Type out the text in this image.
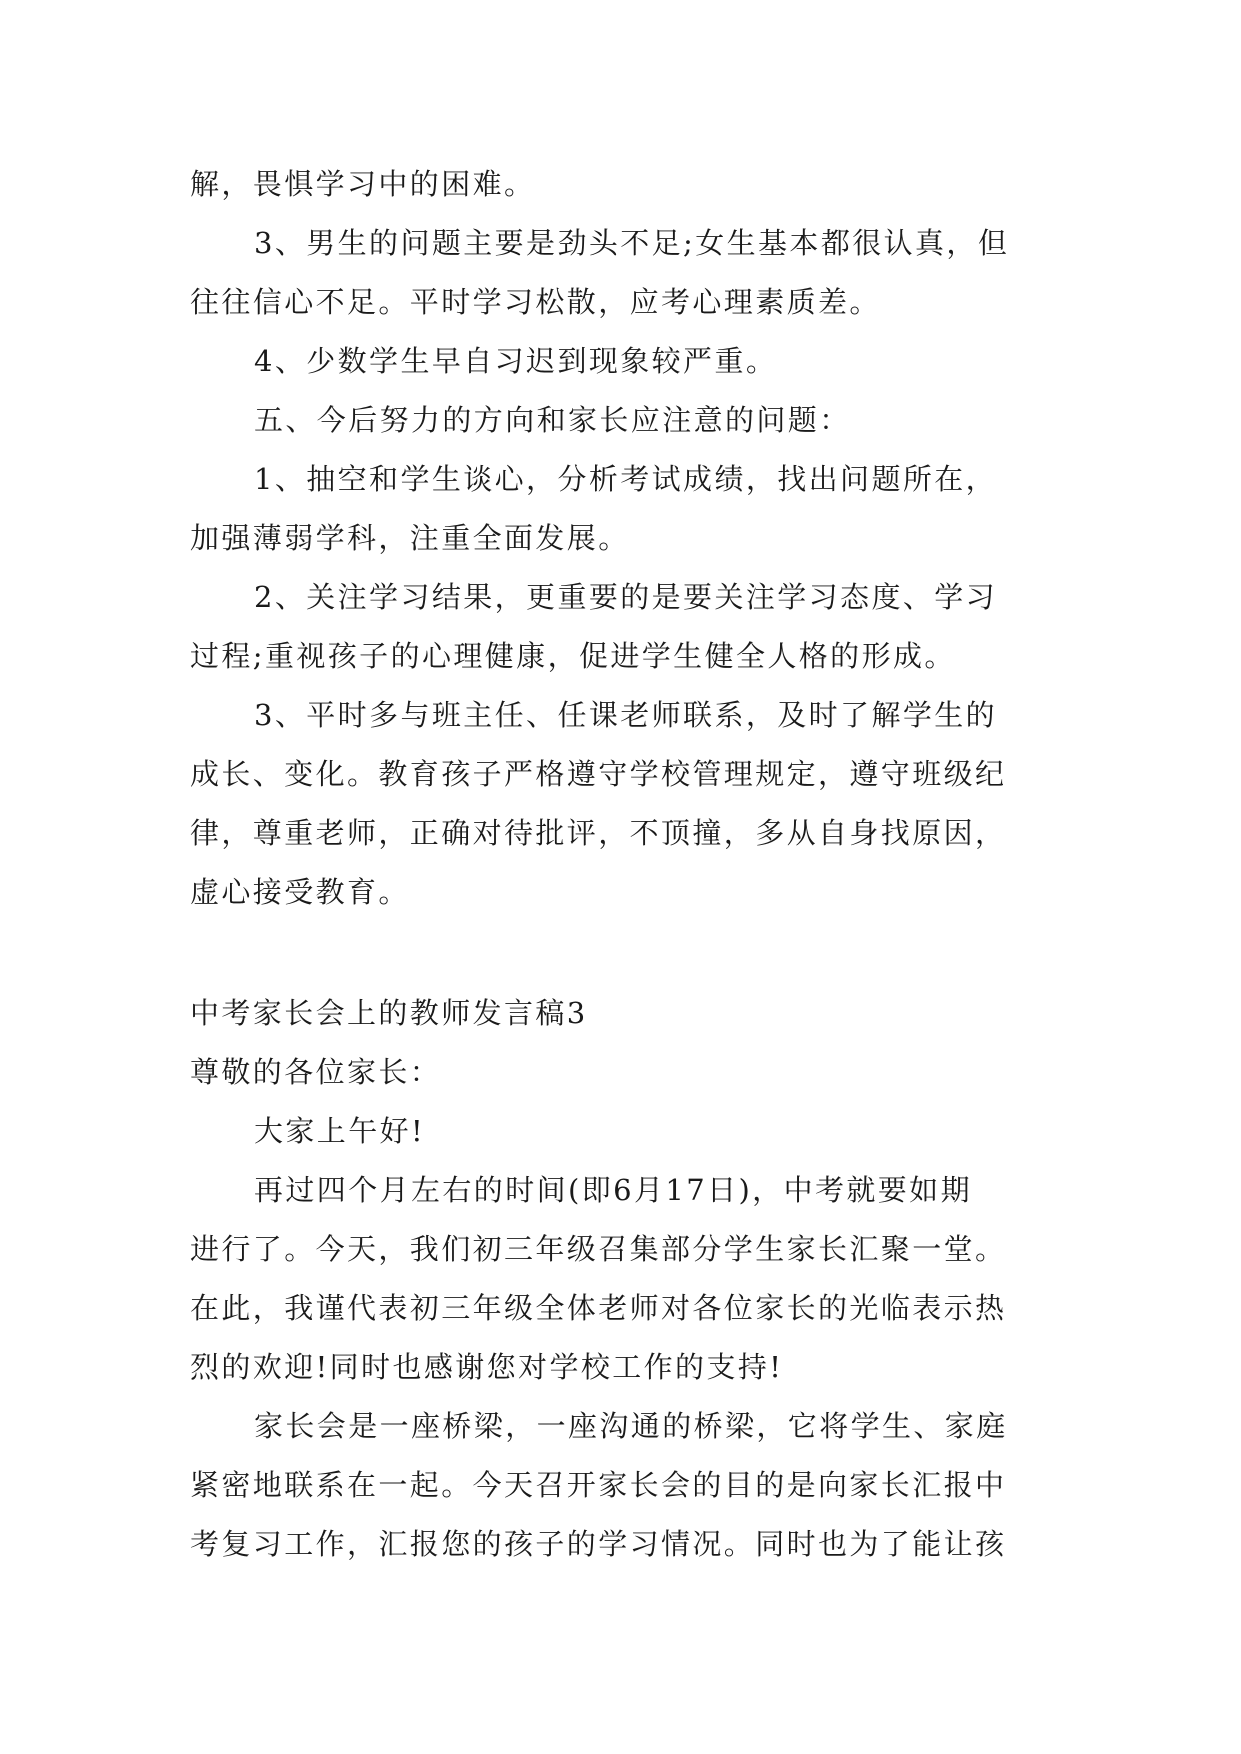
解，畏惧学习中的困难。
3、男生的问题主要是劲头不足;女生基本都很认真，但
往往信心不足。平时学习松散，应考心理素质差。
4、少数学生早自习迟到现象较严重。
五、今后努力的方向和家长应注意的问题：
1、抽空和学生谈心，分析考试成绩，找出问题所在，
加强薄弱学科，注重全面发展。
2、关注学习结果，更重要的是要关注学习态度、学习
过程;重视孩子的心理健康，促进学生健全人格的形成。
3、平时多与班主任、任课老师联系，及时了解学生的
成长、变化。教育孩子严格遵守学校管理规定，遵守班级纪
律，尊重老师，正确对待批评，不顶撞，多从自身找原因，
虚心接受教育。
中考家长会上的教师发言稿3
尊敬的各位家长：
大家上午好!
再过四个月左右的时间(即6月17日)，中考就要如期
进行了。今天，我们初三年级召集部分学生家长汇聚一堂。
在此，我谨代表初三年级全体老师对各位家长的光临表示热
烈的欢迎!同时也感谢您对学校工作的支持!
家长会是一座桥梁，一座沟通的桥梁，它将学生、家庭
紧密地联系在一起。今天召开家长会的目的是向家长汇报中
考复习工作，汇报您的孩子的学习情况。同时也为了能让孩
